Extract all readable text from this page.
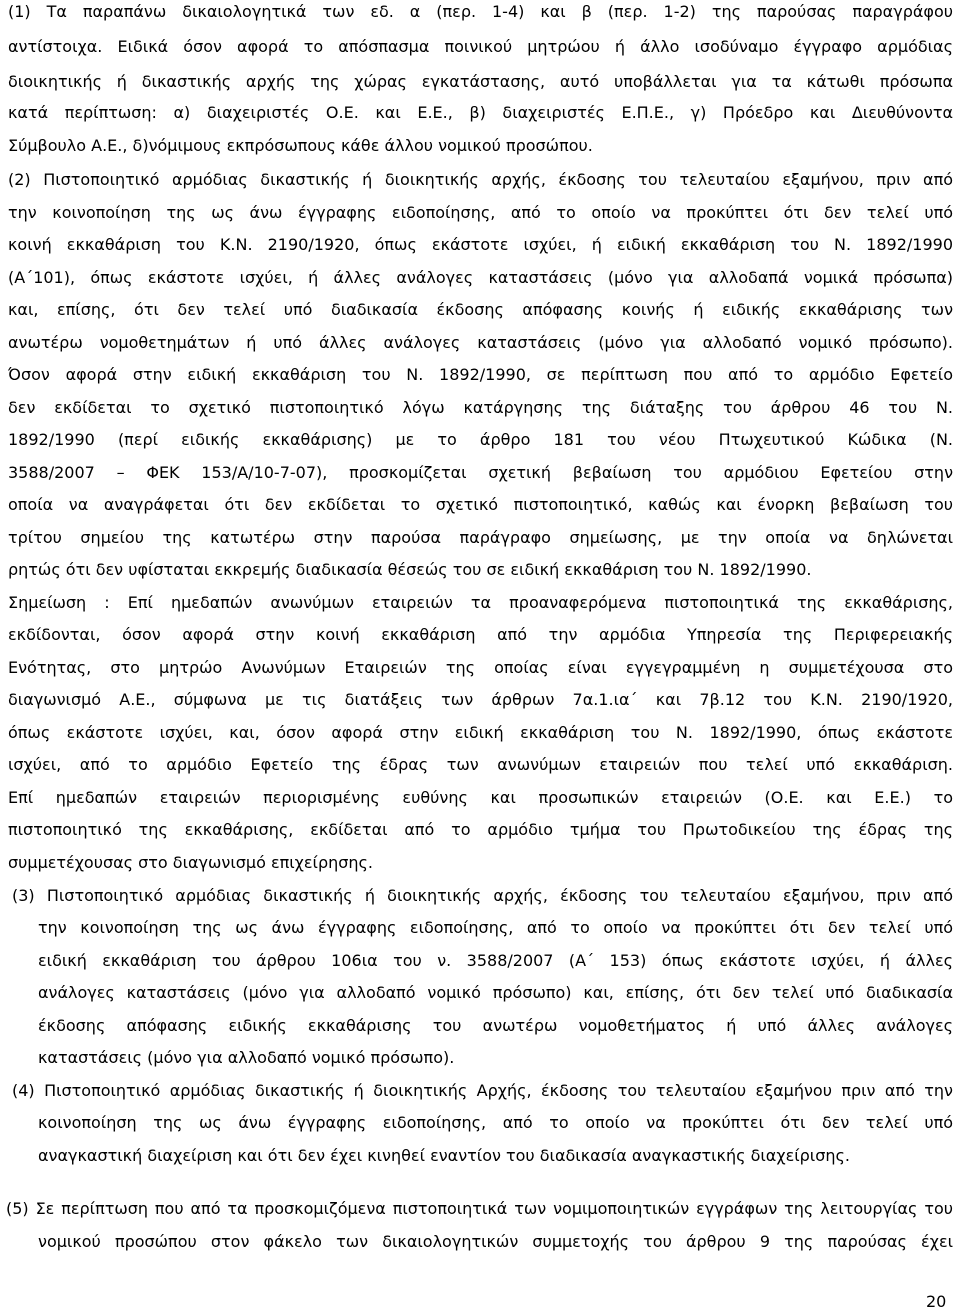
(1) Τα παραπάνω δικαιολογητικά των εδ. α (περ. 1-4) και β (περ. 1-2) της παρούσας παραγράφου
αντίστοιχα. Ειδικά όσον αφορά το απόσπασμα ποινικού μητρώου ή άλλο ισοδύναμο έγγραφο αρμόδιας
διοικητικής ή δικαστικής αρχής της χώρας εγκατάστασης, αυτό υποβάλλεται για τα κάτωθι πρόσωπα
κατά περίπτωση: α) διαχειριστές Ο.Ε. και Ε.Ε., β) διαχειριστές Ε.Π.Ε., γ) Πρόεδρο και Διευθύνοντα
Σύμβουλο Α.Ε., δ)νόμιμους εκπρόσωπους κάθε άλλου νομικού προσώπου.
(2) Πιστοποιητικό αρμόδιας δικαστικής ή διοικητικής αρχής, έκδοσης του τελευταίου εξαμήνου, πριν από
την κοινοποίηση της ως άνω έγγραφης ειδοποίησης, από το οποίο να προκύπτει ότι δεν τελεί υπό
κοινή εκκαθάριση του Κ.Ν. 2190/1920, όπως εκάστοτε ισχύει, ή ειδική εκκαθάριση του Ν. 1892/1990
(Α΄101), όπως εκάστοτε ισχύει, ή άλλες ανάλογες καταστάσεις (μόνο για αλλοδαπά νομικά πρόσωπα)
και, επίσης, ότι δεν τελεί υπό διαδικασία έκδοσης απόφασης κοινής ή ειδικής εκκαθάρισης των
ανωτέρω νομοθετημάτων ή υπό άλλες ανάλογες καταστάσεις (μόνο για αλλοδαπό νομικό πρόσωπο).
Όσον αφορά στην ειδική εκκαθάριση του Ν. 1892/1990, σε περίπτωση που από το αρμόδιο Εφετείο
δεν εκδίδεται το σχετικό πιστοποιητικό λόγω κατάργησης της διάταξης του άρθρου 46 του Ν.
1892/1990 (περί ειδικής εκκαθάρισης) με το άρθρο 181 του νέου Πτωχευτικού Κώδικα (Ν.
3588/2007 – ΦΕΚ 153/Α/10-7-07), προσκομίζεται σχετική βεβαίωση του αρμόδιου Εφετείου στην
οποία να αναγράφεται ότι δεν εκδίδεται το σχετικό πιστοποιητικό, καθώς και ένορκη βεβαίωση του
τρίτου σημείου της κατωτέρω στην παρούσα παράγραφο σημείωσης, με την οποία να δηλώνεται
ρητώς ότι δεν υφίσταται εκκρεμής διαδικασία θέσεώς του σε ειδική εκκαθάριση του Ν. 1892/1990.
Σημείωση : Επί ημεδαπών ανωνύμων εταιρειών τα προαναφερόμενα πιστοποιητικά της εκκαθάρισης,
εκδίδονται, όσον αφορά στην κοινή εκκαθάριση από την αρμόδια Υπηρεσία της Περιφερειακής
Ενότητας, στο μητρώο Ανωνύμων Εταιρειών της οποίας είναι εγγεγραμμένη η συμμετέχουσα στο
διαγωνισμό Α.Ε., σύμφωνα με τις διατάξεις των άρθρων 7α.1.ια΄ και 7β.12 του Κ.Ν. 2190/1920,
όπως εκάστοτε ισχύει, και, όσον αφορά στην ειδική εκκαθάριση του Ν. 1892/1990, όπως εκάστοτε
ισχύει, από το αρμόδιο Εφετείο της έδρας των ανωνύμων εταιρειών που τελεί υπό εκκαθάριση.
Επί ημεδαπών εταιρειών περιορισμένης ευθύνης και προσωπικών εταιρειών (Ο.Ε. και Ε.Ε.) το
πιστοποιητικό της εκκαθάρισης, εκδίδεται από το αρμόδιο τμήμα του Πρωτοδικείου της έδρας της
συμμετέχουσας στο διαγωνισμό επιχείρησης.
(3) Πιστοποιητικό αρμόδιας δικαστικής ή διοικητικής αρχής, έκδοσης του τελευταίου εξαμήνου, πριν από
την κοινοποίηση της ως άνω έγγραφης ειδοποίησης, από το οποίο να προκύπτει ότι δεν τελεί υπό
ειδική εκκαθάριση του άρθρου 106ια του ν. 3588/2007 (Α΄ 153) όπως εκάστοτε ισχύει, ή άλλες
ανάλογες καταστάσεις (μόνο για αλλοδαπό νομικό πρόσωπο) και, επίσης, ότι δεν τελεί υπό διαδικασία
έκδοσης απόφασης ειδικής εκκαθάρισης του ανωτέρω νομοθετήματος ή υπό άλλες ανάλογες
καταστάσεις (μόνο για αλλοδαπό νομικό πρόσωπο).
(4) Πιστοποιητικό αρμόδιας δικαστικής ή διοικητικής Αρχής, έκδοσης του τελευταίου εξαμήνου πριν από την
κοινοποίηση της ως άνω έγγραφης ειδοποίησης, από το οποίο να προκύπτει ότι δεν τελεί υπό
αναγκαστική διαχείριση και ότι δεν έχει κινηθεί εναντίον του διαδικασία αναγκαστικής διαχείρισης.
(5) Σε περίπτωση που από τα προσκομιζόμενα πιστοποιητικά των νομιμοποιητικών εγγράφων της λειτουργίας του
νομικού προσώπου στον φάκελο των δικαιολογητικών συμμετοχής του άρθρου 9 της παρούσας έχει
20
